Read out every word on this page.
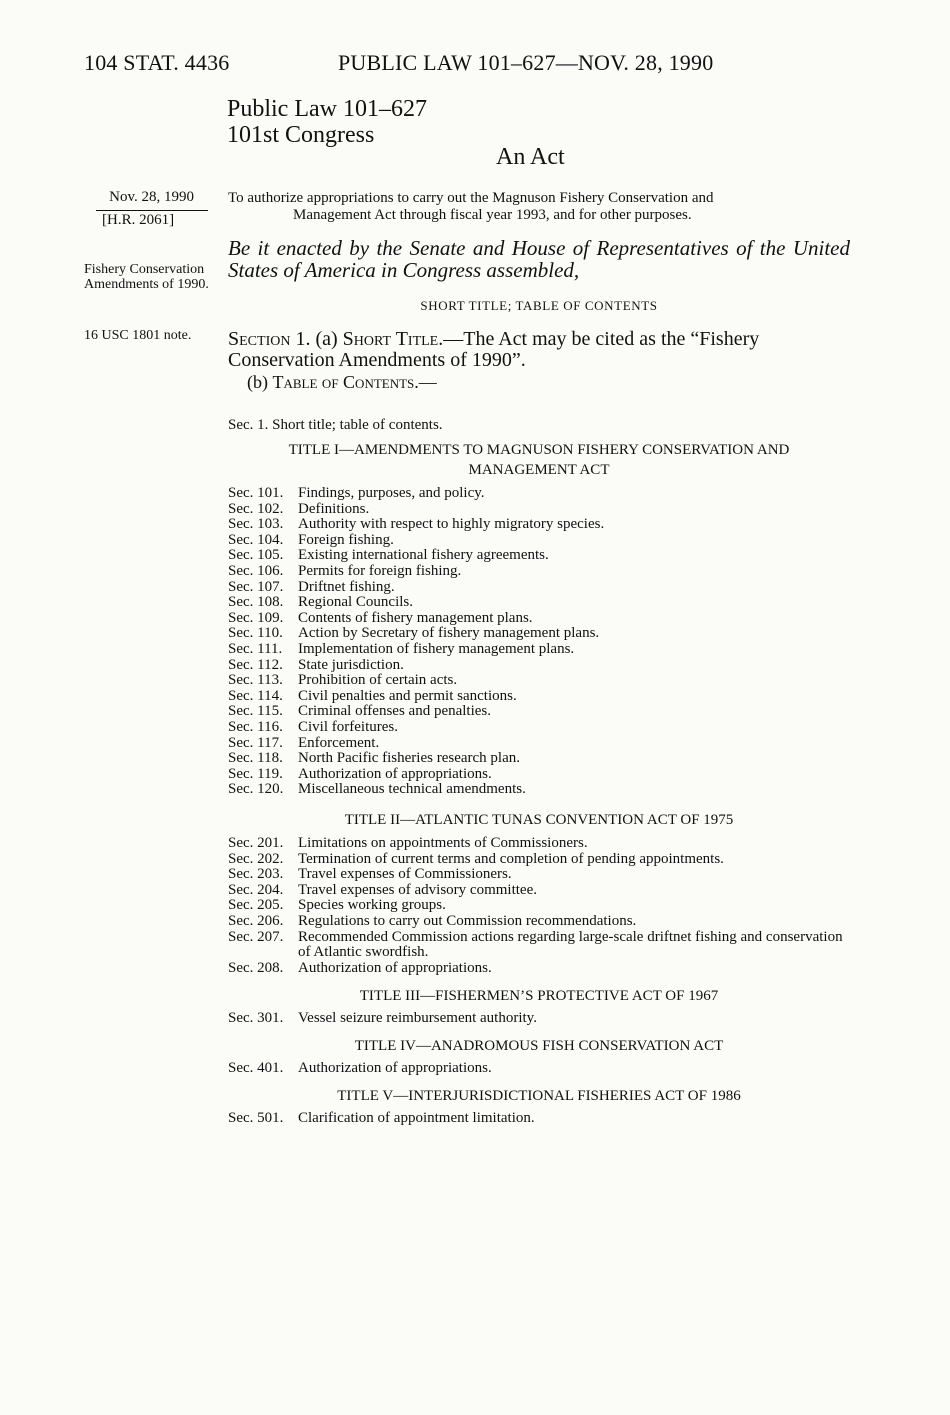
104 STAT. 4436	PUBLIC LAW 101–627—NOV. 28, 1990

Public Law 101–627

101st Congress

An Act

Nov. 28, 1990

[H.R. 2061]

Fishery Conservation Amendments of 1990.

16 USC 1801 note.

To authorize appropriations to carry out the Magnuson Fishery Conservation and
Management Act through fiscal year 1993, and for other purposes.

Be it enacted by the Senate and House of Representatives of the United States of America in Congress assembled,

SHORT TITLE; TABLE OF CONTENTS

Section 1. (a) Short Title.—The Act may be cited as the “Fishery Conservation Amendments of 1990”.

(b) Table of Contents.—

Sec. 1. Short title; table of contents.

TITLE I—AMENDMENTS TO MAGNUSON FISHERY CONSERVATION AND MANAGEMENT ACT

Sec. 101. Findings, purposes, and policy.
Sec. 102. Definitions.
Sec. 103. Authority with respect to highly migratory species.
Sec. 104. Foreign fishing.
Sec. 105. Existing international fishery agreements.
Sec. 106. Permits for foreign fishing.
Sec. 107. Driftnet fishing.
Sec. 108. Regional Councils.
Sec. 109. Contents of fishery management plans.
Sec. 110.	Action by Secretary of fishery management plans.
Sec. 111.	Implementation of fishery management plans.
Sec. 112.	State jurisdiction.
Sec. 113.	Prohibition of certain acts.
Sec. 114.	Civil penalties and permit sanctions.
Sec. 115.	Criminal offenses and penalties.
Sec. 116.	Civil forfeitures.
Sec. 117.	Enforcement.
Sec. 118.	North Pacific fisheries research plan.
Sec. 119.	Authorization of appropriations.
Sec. 120. Miscellaneous technical amendments.

TITLE II—ATLANTIC TUNAS CONVENTION ACT OF 1975

Sec. 201. Limitations on appointments of Commissioners.
Sec. 202. Termination of current terms and completion of pending appointments.
Sec. 203. Travel expenses of Commissioners.
Sec. 204. Travel expenses of advisory committee.
Sec. 205. Species working groups.
Sec. 206. Regulations to carry out Commission recommendations.
Sec. 207. Recommended Commission actions regarding large-scale driftnet fishing and conservation of Atlantic swordfish.
Sec. 208. Authorization of appropriations.

TITLE III—FISHERMEN’S PROTECTIVE ACT OF 1967

Sec. 301. Vessel seizure reimbursement authority.

TITLE IV—ANADROMOUS FISH CONSERVATION ACT

Sec. 401. Authorization of appropriations.

TITLE V—INTERJURISDICTIONAL FISHERIES ACT OF 1986

Sec. 501. Clarification of appointment limitation.
